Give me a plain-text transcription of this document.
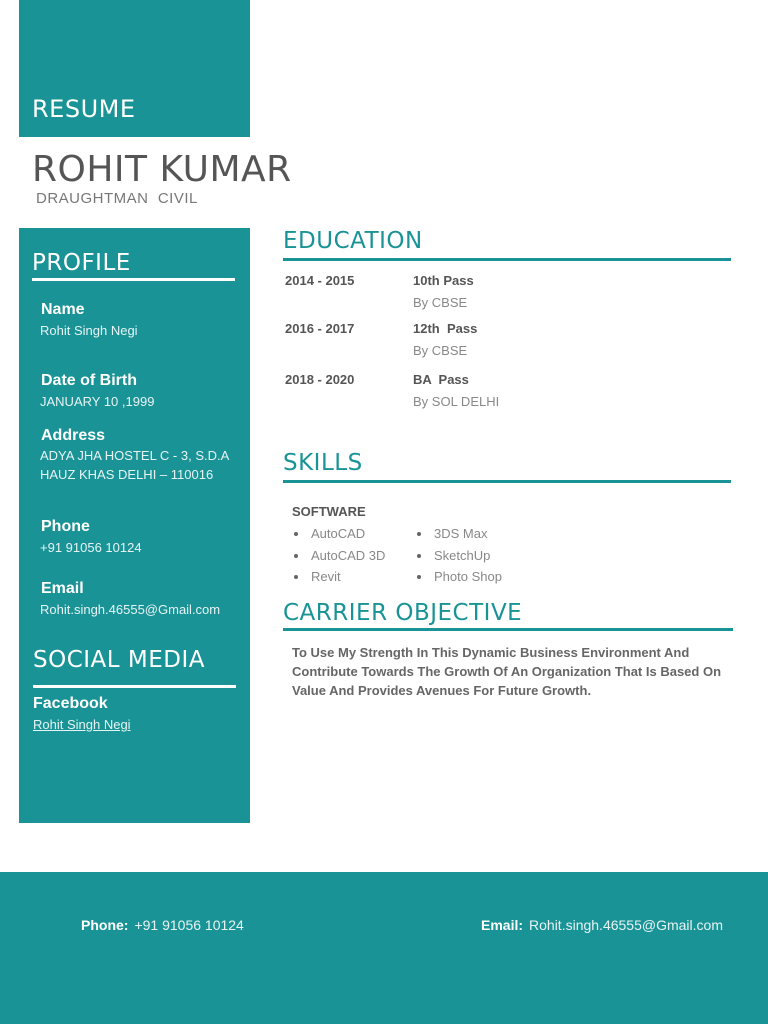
RESUME
ROHIT KUMAR
DRAUGHTMAN  CIVIL
PROFILE
Name
Rohit Singh Negi
Date of Birth
JANUARY 10 ,1999
Address
ADYA JHA HOSTEL C - 3, S.D.A
HAUZ KHAS DELHI – 110016
Phone
+91 91056 10124
Email
Rohit.singh.46555@Gmail.com
SOCIAL MEDIA
Facebook
Rohit Singh Negi
EDUCATION
2014 - 2015	10th Pass
By CBSE
2016 - 2017	12th  Pass
By CBSE
2018 - 2020	BA  Pass
By SOL DELHI
SKILLS
SOFTWARE
AutoCAD
AutoCAD 3D
Revit
3DS Max
SketchUp
Photo Shop
CARRIER OBJECTIVE
To Use My Strength In This Dynamic Business Environment And Contribute Towards The Growth Of An Organization That Is Based On Value And Provides Avenues For Future Growth.
Phone: +91 91056 10124	Email: Rohit.singh.46555@Gmail.com
